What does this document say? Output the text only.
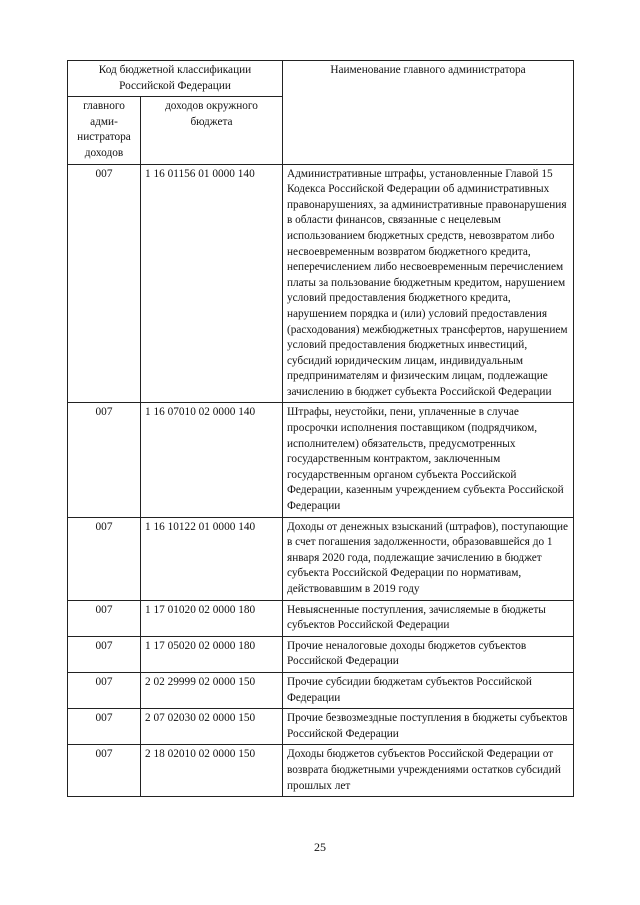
Код бюджетной классификации Российской Федерации		Наименование главного администратора
главного адми-нистратора доходов	доходов окружного бюджета	
007	1 16 01156 01 0000 140	Административные штрафы, установленные Главой 15 Кодекса Российской Федерации об административных правонарушениях, за административные правонарушения в области финансов, связанные с нецелевым использованием бюджетных средств, невозвратом либо несвоевременным возвратом бюджетного кредита, неперечислением либо несвоевременным перечислением платы за пользование бюджетным кредитом, нарушением условий предоставления бюджетного кредита, нарушением порядка и (или) условий предоставления (расходования) межбюджетных трансфертов, нарушением условий предоставления бюджетных инвестиций, субсидий юридическим лицам, индивидуальным предпринимателям и физическим лицам, подлежащие зачислению в бюджет субъекта Российской Федерации
007	1 16 07010 02 0000 140	Штрафы, неустойки, пени, уплаченные в случае просрочки исполнения поставщиком (подрядчиком, исполнителем) обязательств, предусмотренных государственным контрактом, заключенным государственным органом субъекта Российской Федерации, казенным учреждением субъекта Российской Федерации
007	1 16 10122 01 0000 140	Доходы от денежных взысканий (штрафов), поступающие в счет погашения задолженности, образовавшейся до 1 января 2020 года, подлежащие зачислению в бюджет субъекта Российской Федерации по нормативам, действовавшим в 2019 году
007	1 17 01020 02 0000 180	Невыясненные поступления, зачисляемые в бюджеты субъектов Российской Федерации
007	1 17 05020 02 0000 180	Прочие неналоговые доходы бюджетов субъектов Российской Федерации
007	2 02 29999 02 0000 150	Прочие субсидии бюджетам субъектов Российской Федерации
007	2 07 02030 02 0000 150	Прочие безвозмездные поступления в бюджеты субъектов Российской Федерации
007	2 18 02010 02 0000 150	Доходы бюджетов субъектов Российской Федерации от возврата бюджетными учреждениями остатков субсидий прошлых лет
25
